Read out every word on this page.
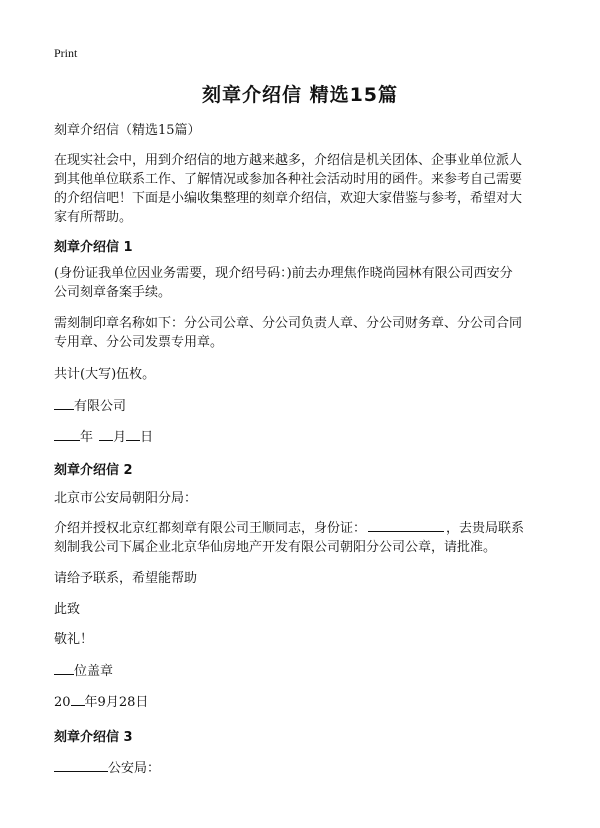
Print
刻章介绍信 精选15篇
刻章介绍信（精选15篇）
在现实社会中，用到介绍信的地方越来越多，介绍信是机关团体、企事业单位派人
到其他单位联系工作、了解情况或参加各种社会活动时用的函件。来参考自己需要
的介绍信吧！下面是小编收集整理的刻章介绍信，欢迎大家借鉴与参考，希望对大
家有所帮助。
刻章介绍信 1
(身份证我单位因业务需要，现介绍号码：)前去办理焦作晓尚园林有限公司西安分
公司刻章备案手续。
需刻制印章名称如下：分公司公章、分公司负责人章、分公司财务章、分公司合同
专用章、分公司发票专用章。
共计(大写)伍枚。
有限公司
年 月 日
刻章介绍信 2
北京市公安局朝阳分局：
介绍并授权北京红都刻章有限公司王顺同志，身份证：	，去贵局联系
刻制我公司下属企业北京华仙房地产开发有限公司朝阳分公司公章，请批准。
请给予联系，希望能帮助
此致
敬礼！
位盖章
20 年9月28日
刻章介绍信 3
公安局：
